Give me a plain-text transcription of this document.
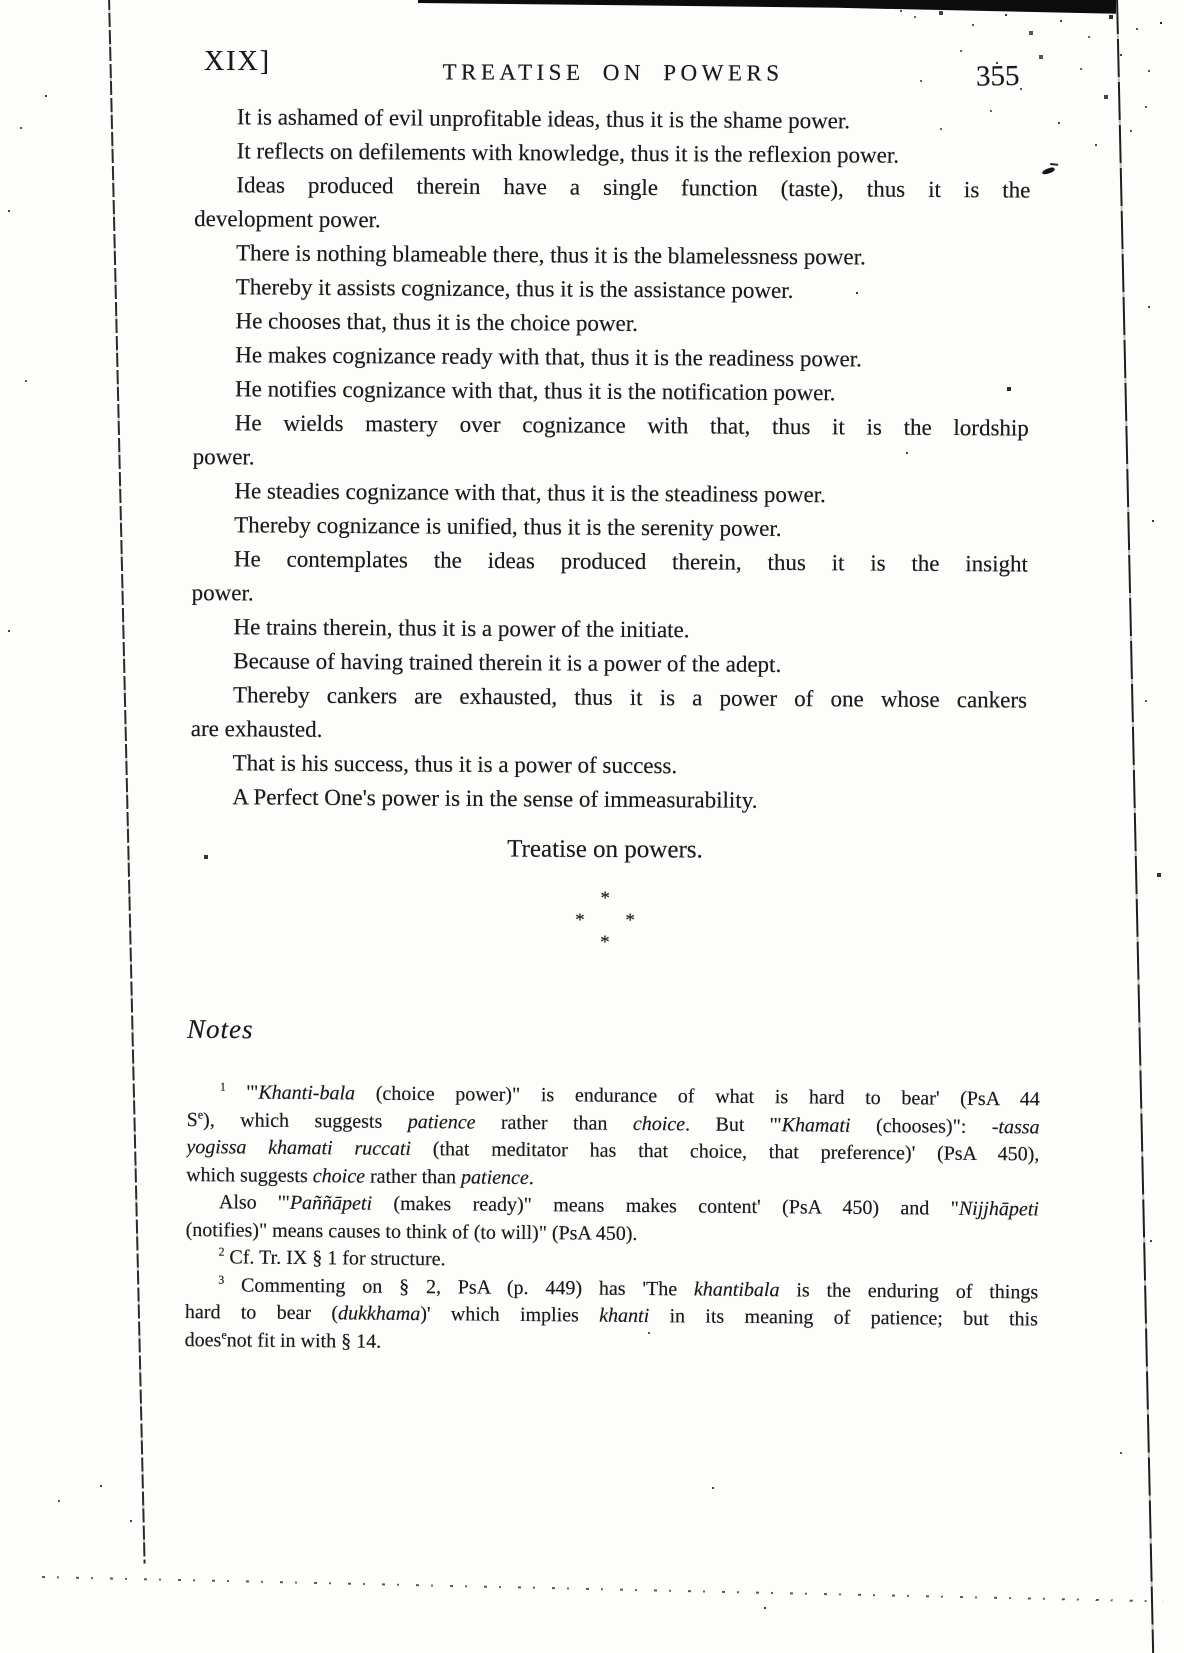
XIX]	TREATISE ON POWERS	355
It is ashamed of evil unprofitable ideas, thus it is the shame power.
It reflects on defilements with knowledge, thus it is the reflexion power.
Ideas produced therein have a single function (taste), thus it is the
development power.
There is nothing blameable there, thus it is the blamelessness power.
Thereby it assists cognizance, thus it is the assistance power.
He chooses that, thus it is the choice power.
He makes cognizance ready with that, thus it is the readiness power.
He notifies cognizance with that, thus it is the notification power.
He wields mastery over cognizance with that, thus it is the lordship
power.
He steadies cognizance with that, thus it is the steadiness power.
Thereby cognizance is unified, thus it is the serenity power.
He contemplates the ideas produced therein, thus it is the insight
power.
He trains therein, thus it is a power of the initiate.
Because of having trained therein it is a power of the adept.
Thereby cankers are exhausted, thus it is a power of one whose cankers
are exhausted.
That is his success, thus it is a power of success.
A Perfect One's power is in the sense of immeasurability.
Treatise on powers.
*
* *
*
Notes
$^1$ '"Khanti-bala (choice power)" is endurance of what is hard to bear' (PsA 44
$S^e$), which suggests patience rather than choice. But '"Khamati (chooses)": -tassa
yogissa khamati ruccati (that meditator has that choice, that preference)' (PsA 450),
which suggests choice rather than patience.
Also '"Paññāpeti (makes ready)" means makes content' (PsA 450) and "Nijjhāpeti
(notifies)" means causes to think of (to will)" (PsA 450).
$^2$ Cf. Tr. IX § 1 for structure.
$^3$ Commenting on § 2, PsA (p. 449) has 'The khantibala is the enduring of things
hard to bear (dukkhama)' which implies khanti in its meaning of patience; but this
does$^e$not fit in with § 14.
